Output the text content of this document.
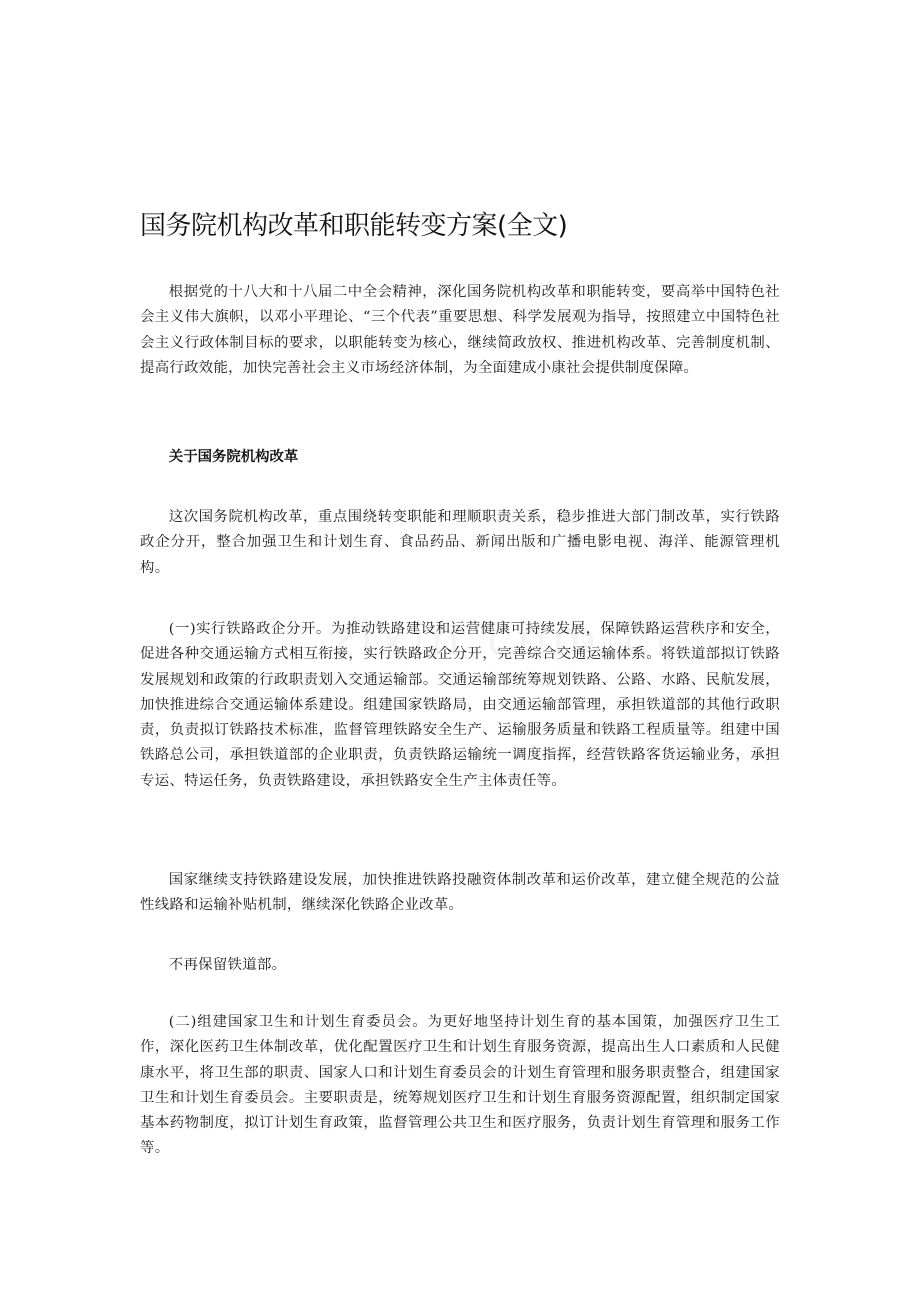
国务院机构改革和职能转变方案(全文)

根据党的十八大和十八届二中全会精神，深化国务院机构改革和职能转变，要高举中国特色社会主义伟大旗帜，以邓小平理论、“三个代表”重要思想、科学发展观为指导，按照建立中国特色社会主义行政体制目标的要求，以职能转变为核心，继续简政放权、推进机构改革、完善制度机制、提高行政效能，加快完善社会主义市场经济体制，为全面建成小康社会提供制度保障。

关于国务院机构改革

这次国务院机构改革，重点围绕转变职能和理顺职责关系，稳步推进大部门制改革，实行铁路政企分开，整合加强卫生和计划生育、食品药品、新闻出版和广播电影电视、海洋、能源管理机构。

(一)实行铁路政企分开。为推动铁路建设和运营健康可持续发展，保障铁路运营秩序和安全，促进各种交通运输方式相互衔接，实行铁路政企分开，完善综合交通运输体系。将铁道部拟订铁路发展规划和政策的行政职责划入交通运输部。交通运输部统筹规划铁路、公路、水路、民航发展，加快推进综合交通运输体系建设。组建国家铁路局，由交通运输部管理，承担铁道部的其他行政职责，负责拟订铁路技术标准，监督管理铁路安全生产、运输服务质量和铁路工程质量等。组建中国铁路总公司，承担铁道部的企业职责，负责铁路运输统一调度指挥，经营铁路客货运输业务，承担专运、特运任务，负责铁路建设，承担铁路安全生产主体责任等。

国家继续支持铁路建设发展，加快推进铁路投融资体制改革和运价改革，建立健全规范的公益性线路和运输补贴机制，继续深化铁路企业改革。

不再保留铁道部。

(二)组建国家卫生和计划生育委员会。为更好地坚持计划生育的基本国策，加强医疗卫生工作，深化医药卫生体制改革，优化配置医疗卫生和计划生育服务资源，提高出生人口素质和人民健康水平，将卫生部的职责、国家人口和计划生育委员会的计划生育管理和服务职责整合，组建国家卫生和计划生育委员会。主要职责是，统筹规划医疗卫生和计划生育服务资源配置，组织制定国家基本药物制度，拟订计划生育政策，监督管理公共卫生和医疗服务，负责计划生育管理和服务工作等。
